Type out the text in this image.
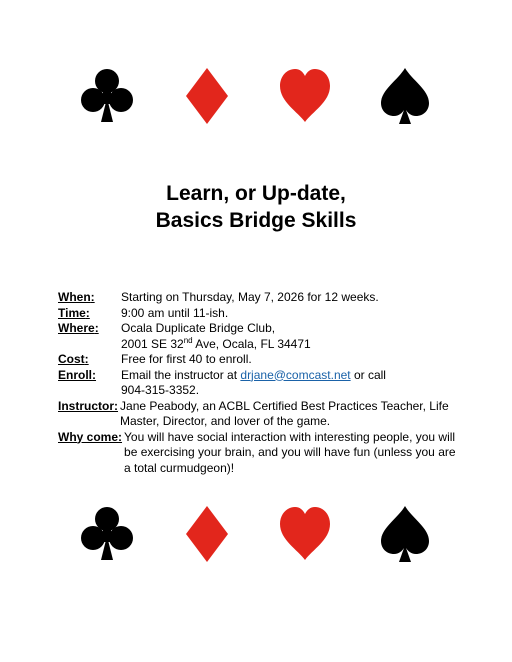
Learn, or Up-date,
Basics Bridge Skills
When:	Starting on Thursday, May 7, 2026 for 12 weeks.
Time:	9:00 am until 11-ish.
Where:	Ocala Duplicate Bridge Club,
2001 SE 32nd Ave, Ocala, FL 34471
Cost:	Free for first 40 to enroll.
Enroll:	Email the instructor at drjane@comcast.net or call
904-315-3352.
Instructor: Jane Peabody, an ACBL Certified Best Practices Teacher, Life Master, Director, and lover of the game.
Why come: You will have social interaction with interesting people, you will be exercising your brain, and you will have fun (unless you are a total curmudgeon)!
